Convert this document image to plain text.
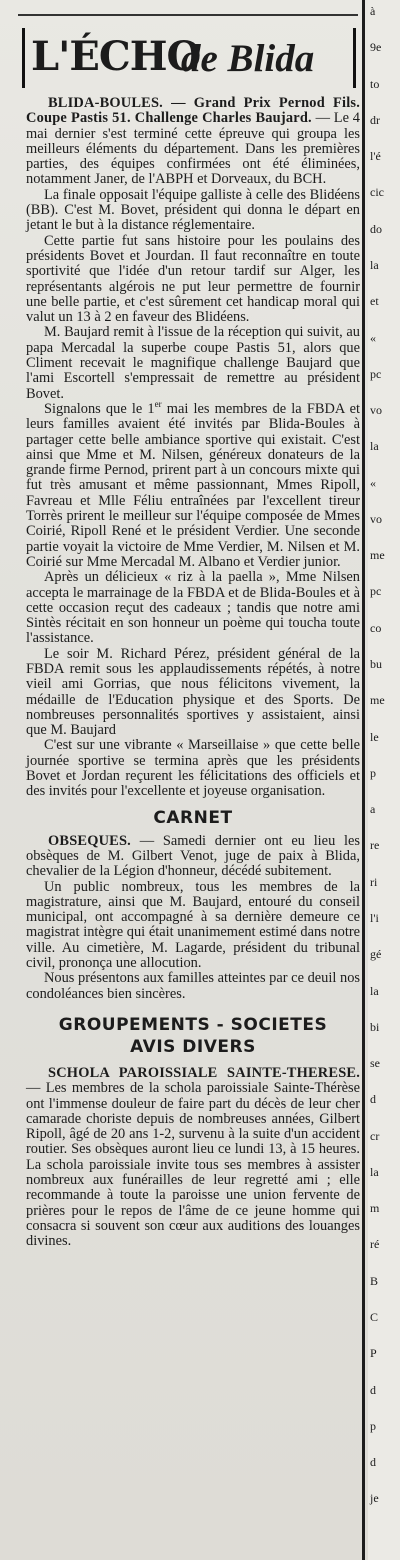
L'ÉCHO
de Blida

BLIDA-BOULES. — Grand Prix Pernod Fils. Coupe Pastis 51. Challenge Charles Baujard. — Le 4 mai dernier s'est terminé cette épreuve qui groupa les meilleurs éléments du département. Dans les premières parties, des équipes confirmées ont été éliminées, notamment Janer, de l'ABPH et Dorveaux, du BCH.

La finale opposait l'équipe galliste à celle des Blidéens (BB). C'est M. Bovet, président qui donna le départ en jetant le but à la distance réglementaire.

Cette partie fut sans histoire pour les poulains des présidents Bovet et Jourdan. Il faut reconnaître en toute sportivité que l'idée d'un retour tardif sur Alger, les représentants algérois ne put leur permettre de fournir une belle partie, et c'est sûrement cet handicap moral qui valut un 13 à 2 en faveur des Blidéens.

M. Baujard remit à l'issue de la réception qui suivit, au papa Mercadal la superbe coupe Pastis 51, alors que Climent recevait le magnifique challenge Baujard que l'ami Escortell s'empressait de remettre au président Bovet.

Signalons que le 1er mai les membres de la FBDA et leurs familles avaient été invités par Blida-Boules à partager cette belle ambiance sportive qui existait. C'est ainsi que Mme et M. Nilsen, généreux donateurs de la grande firme Pernod, prirent part à un concours mixte qui fut très amusant et même passionnant, Mmes Ripoll, Favreau et Mlle Féliu entraînées par l'excellent tireur Torrès prirent le meilleur sur l'équipe composée de Mmes Coirié, Ripoll René et le président Verdier. Une seconde partie voyait la victoire de Mme Verdier, M. Nilsen et M. Coirié sur Mme Mercadal M. Albano et Verdier junior.

Après un délicieux « riz à la paella », Mme Nilsen accepta le marrainage de la FBDA et de Blida-Boules et à cette occasion reçut des cadeaux ; tandis que notre ami Sintès récitait en son honneur un poème qui toucha toute l'assistance.

Le soir M. Richard Pérez, président général de la FBDA remit sous les applaudissements répétés, à notre vieil ami Gorrias, que nous félicitons vivement, la médaille de l'Education physique et des Sports. De nombreuses personnalités sportives y assistaient, ainsi que M. Baujard

C'est sur une vibrante « Marseillaise » que cette belle journée sportive se termina après que les présidents Bovet et Jordan reçurent les félicitations des officiels et des invités pour l'excellente et joyeuse organisation.

CARNET

OBSEQUES. — Samedi dernier ont eu lieu les obsèques de M. Gilbert Venot, juge de paix à Blida, chevalier de la Légion d'honneur, décédé subitement.

Un public nombreux, tous les membres de la magistrature, ainsi que M. Baujard, entouré du conseil municipal, ont accompagné à sa dernière demeure ce magistrat intègre qui était unanimement estimé dans notre ville. Au cimetière, M. Lagarde, président du tribunal civil, prononça une allocution.

Nous présentons aux familles atteintes par ce deuil nos condoléances bien sincères.

GROUPEMENTS - SOCIETES
AVIS DIVERS

SCHOLA PAROISSIALE SAINTE-THERESE. — Les membres de la schola paroissiale Sainte-Thérèse ont l'immense douleur de faire part du décès de leur cher camarade choriste depuis de nombreuses années, Gilbert Ripoll, âgé de 20 ans 1-2, survenu à la suite d'un accident routier. Ses obsèques auront lieu ce lundi 13, à 15 heures. La schola paroissiale invite tous ses membres à assister nombreux aux funérailles de leur regretté ami ; elle recommande à toute la paroisse une union fervente de prières pour le repos de l'âme de ce jeune homme qui consacra si souvent son cœur aux auditions des louanges divines.

à
9e
to
dr
l'é
cic
do
la
et
«
pc
vo
la
«
vo
me
pc
co
bu
me
le
p
a
re
ri
l'i
gé
la
bi
se
d
cr
la
m
ré
B
C
P
d
p
d
je
